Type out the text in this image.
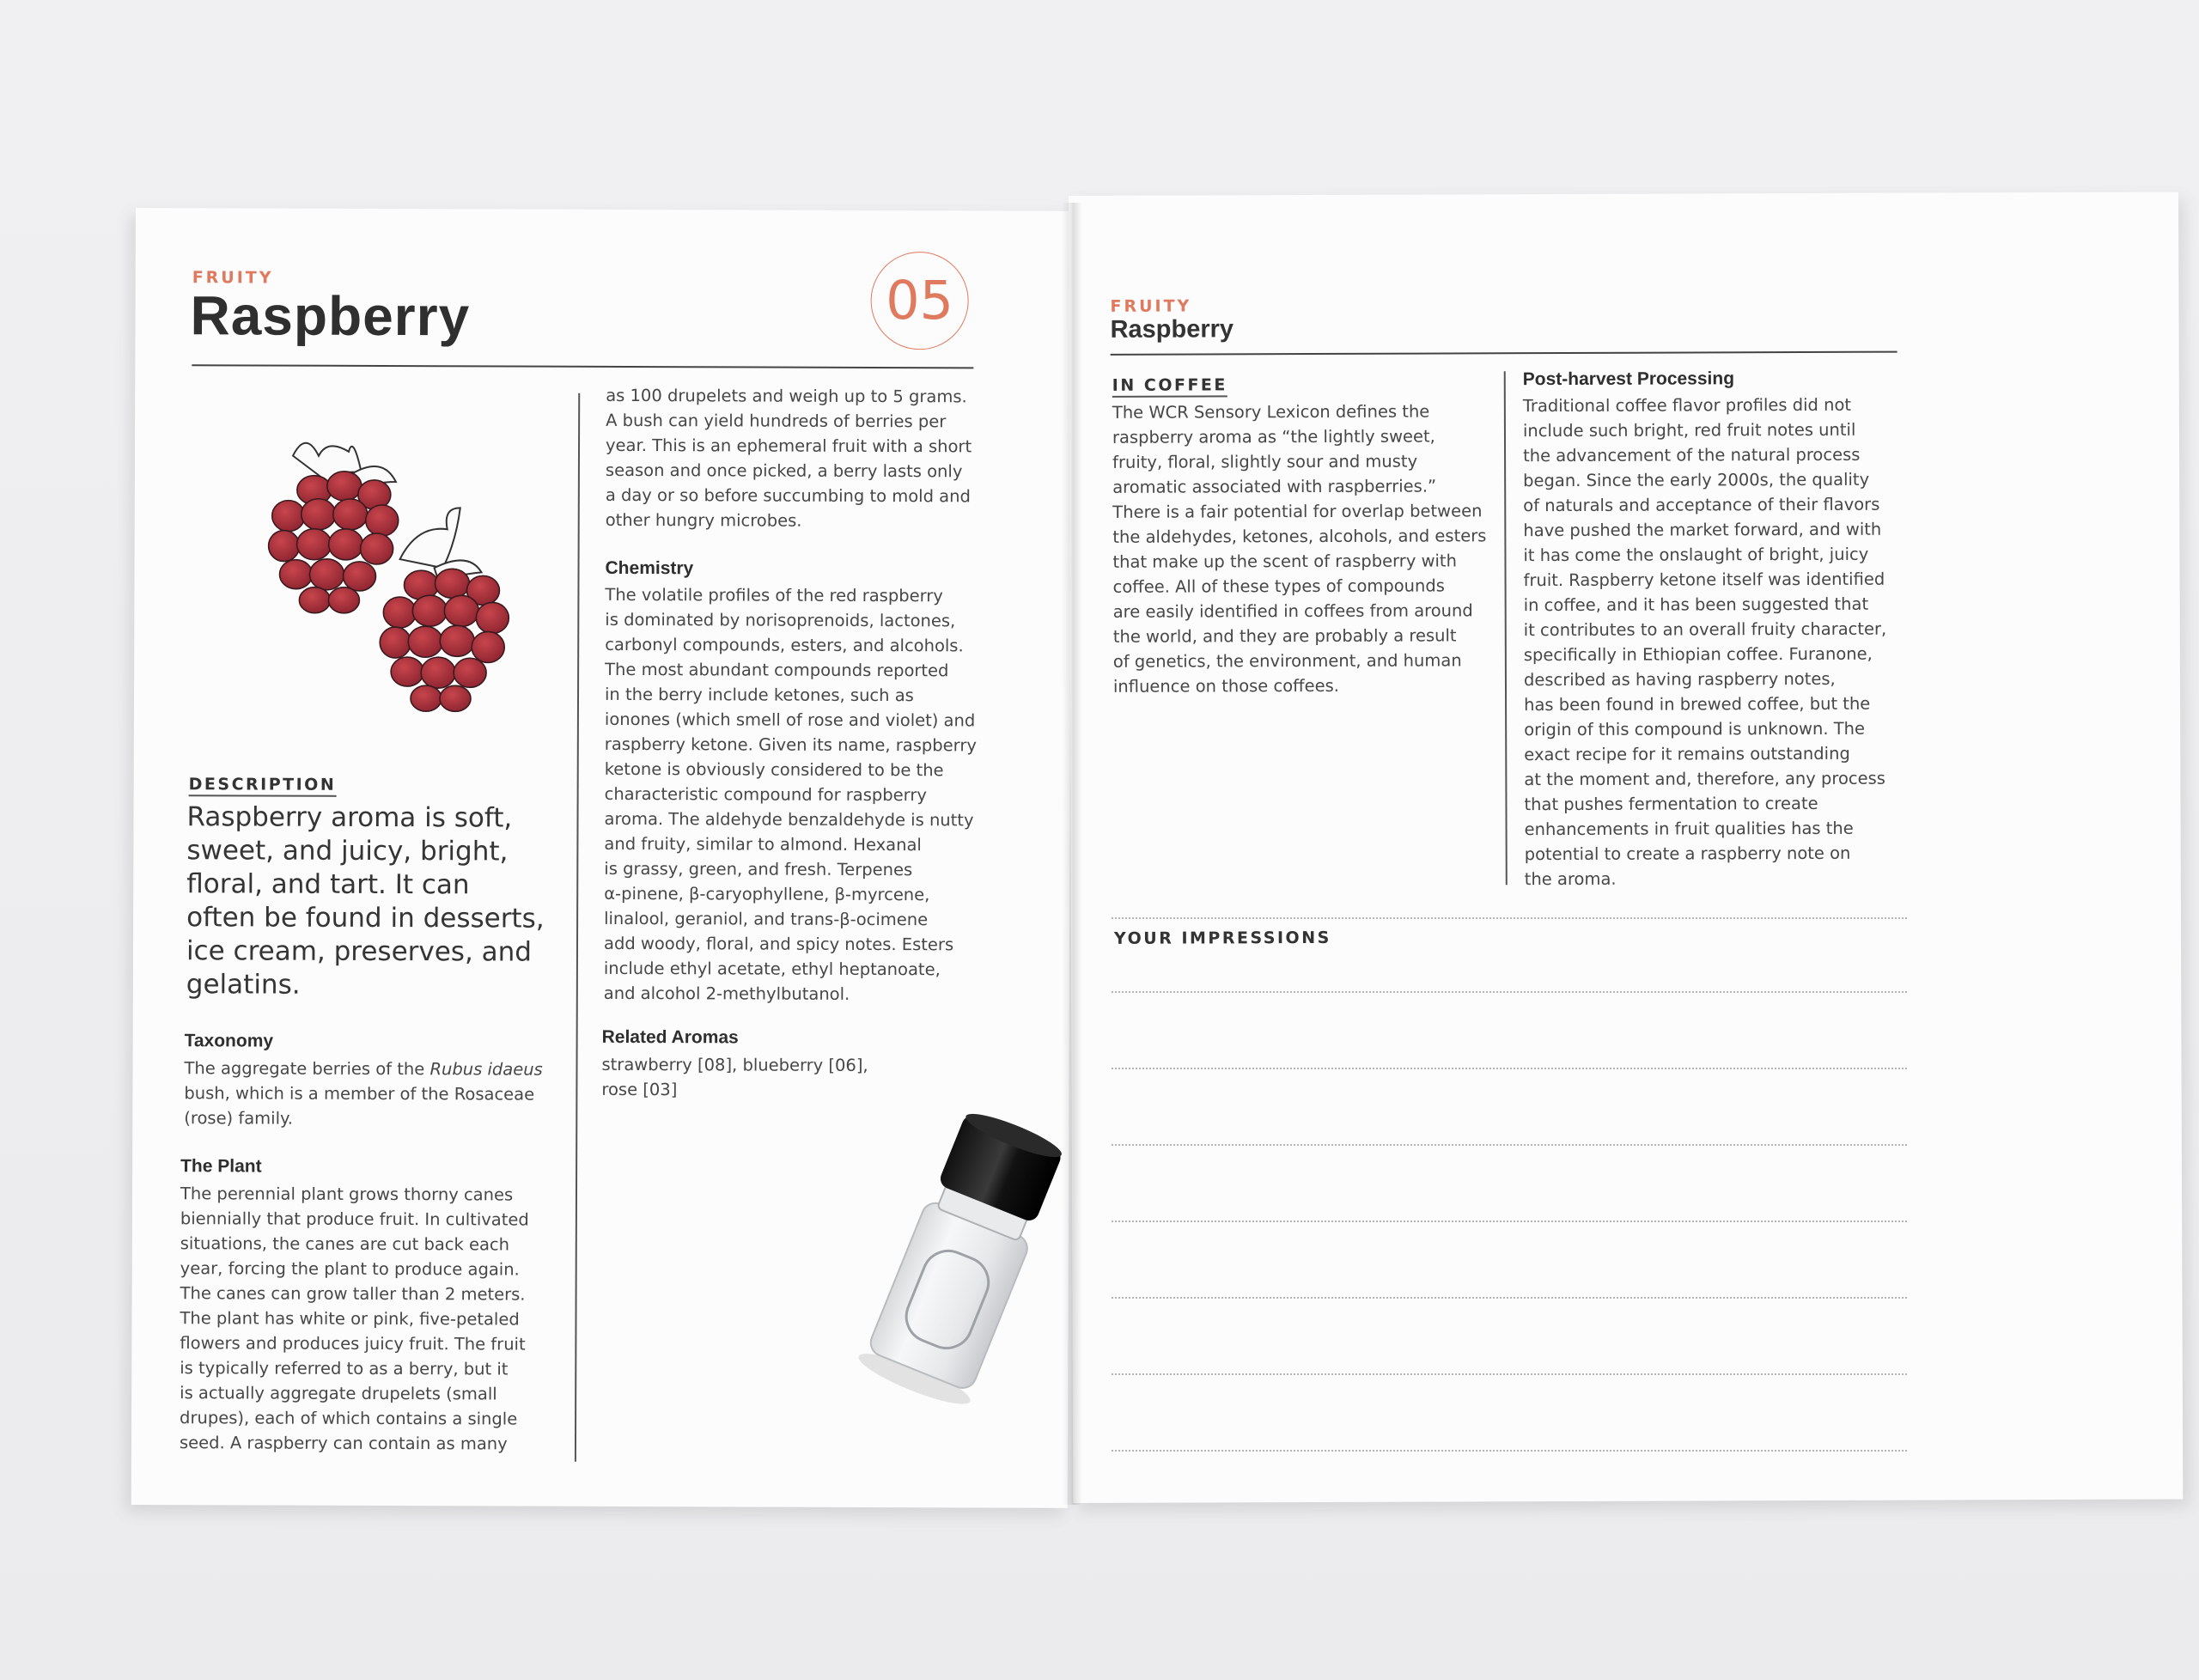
FRUITY
Raspberry	05
DESCRIPTION
Raspberry aroma is soft,
sweet, and juicy, bright,
floral, and tart. It can
often be found in desserts,
ice cream, preserves, and
gelatins.
Taxonomy
The aggregate berries of the Rubus idaeus
bush, which is a member of the Rosaceae
(rose) family.
The Plant
The perennial plant grows thorny canes
biennially that produce fruit. In cultivated
situations, the canes are cut back each
year, forcing the plant to produce again.
The canes can grow taller than 2 meters.
The plant has white or pink, five-petaled
flowers and produces juicy fruit. The fruit
is typically referred to as a berry, but it
is actually aggregate drupelets (small
drupes), each of which contains a single
seed. A raspberry can contain as many
as 100 drupelets and weigh up to 5 grams.
A bush can yield hundreds of berries per
year. This is an ephemeral fruit with a short
season and once picked, a berry lasts only
a day or so before succumbing to mold and
other hungry microbes.
Chemistry
The volatile profiles of the red raspberry
is dominated by norisoprenoids, lactones,
carbonyl compounds, esters, and alcohols.
The most abundant compounds reported
in the berry include ketones, such as
ionones (which smell of rose and violet) and
raspberry ketone. Given its name, raspberry
ketone is obviously considered to be the
characteristic compound for raspberry
aroma. The aldehyde benzaldehyde is nutty
and fruity, similar to almond. Hexanal
is grassy, green, and fresh. Terpenes
α-pinene, β-caryophyllene, β-myrcene,
linalool, geraniol, and trans-β-ocimene
add woody, floral, and spicy notes. Esters
include ethyl acetate, ethyl heptanoate,
and alcohol 2-methylbutanol.
Related Aromas
strawberry [08], blueberry [06],
rose [03]
FRUITY
Raspberry
IN COFFEE
The WCR Sensory Lexicon defines the
raspberry aroma as “the lightly sweet,
fruity, floral, slightly sour and musty
aromatic associated with raspberries.”
There is a fair potential for overlap between
the aldehydes, ketones, alcohols, and esters
that make up the scent of raspberry with
coffee. All of these types of compounds
are easily identified in coffees from around
the world, and they are probably a result
of genetics, the environment, and human
influence on those coffees.
Post-harvest Processing
Traditional coffee flavor profiles did not
include such bright, red fruit notes until
the advancement of the natural process
began. Since the early 2000s, the quality
of naturals and acceptance of their flavors
have pushed the market forward, and with
it has come the onslaught of bright, juicy
fruit. Raspberry ketone itself was identified
in coffee, and it has been suggested that
it contributes to an overall fruity character,
specifically in Ethiopian coffee. Furanone,
described as having raspberry notes,
has been found in brewed coffee, but the
origin of this compound is unknown. The
exact recipe for it remains outstanding
at the moment and, therefore, any process
that pushes fermentation to create
enhancements in fruit qualities has the
potential to create a raspberry note on
the aroma.
YOUR IMPRESSIONS
